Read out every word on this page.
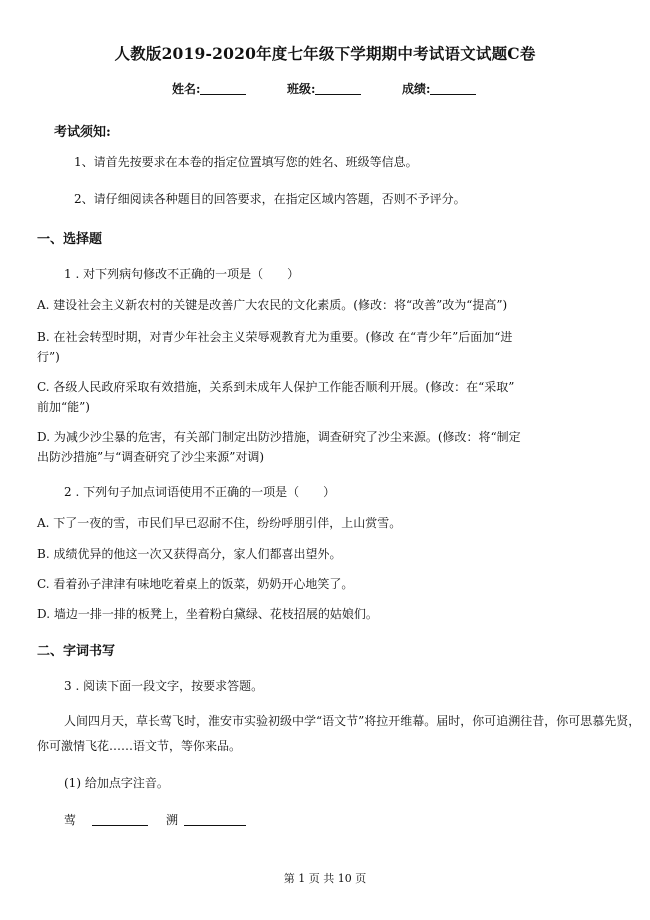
人教版2019-2020年度七年级下学期期中考试语文试题C卷
姓名:	班级:	成绩:
考试须知:
1、请首先按要求在本卷的指定位置填写您的姓名、班级等信息。
2、请仔细阅读各种题目的回答要求，在指定区域内答题，否则不予评分。
一、选择题
1 . 对下列病句修改不正确的一项是（　　）
A. 建设社会主义新农村的关键是改善广大农民的文化素质。(修改：将“改善”改为“提高”)
B. 在社会转型时期，对青少年社会主义荣辱观教育尤为重要。(修改 在“青少年”后面加“进
行”)
C. 各级人民政府采取有效措施，关系到未成年人保护工作能否顺利开展。(修改：在“采取”
前加“能”)
D. 为减少沙尘暴的危害，有关部门制定出防沙措施，调查研究了沙尘来源。(修改：将“制定
出防沙措施”与“调查研究了沙尘来源”对调)
2 . 下列句子加点词语使用不正确的一项是（　　）
A. 下了一夜的雪，市民们早已忍耐不住，纷纷呼朋引伴，上山赏雪。
B. 成绩优异的他这一次又获得高分，家人们都喜出望外。
C. 看着孙子津津有味地吃着桌上的饭菜，奶奶开心地笑了。
D. 墙边一排一排的板凳上，坐着粉白黛绿、花枝招展的姑娘们。
二、字词书写
3 . 阅读下面一段文字，按要求答题。
人间四月天，草长莺飞时，淮安市实验初级中学“语文节”将拉开维幕。届时，你可追溯往昔，你可思慕先贤，
你可激情飞花……语文节，等你来品。
(1) 给加点字注音。
莺	溯
第 1 页 共 10 页
